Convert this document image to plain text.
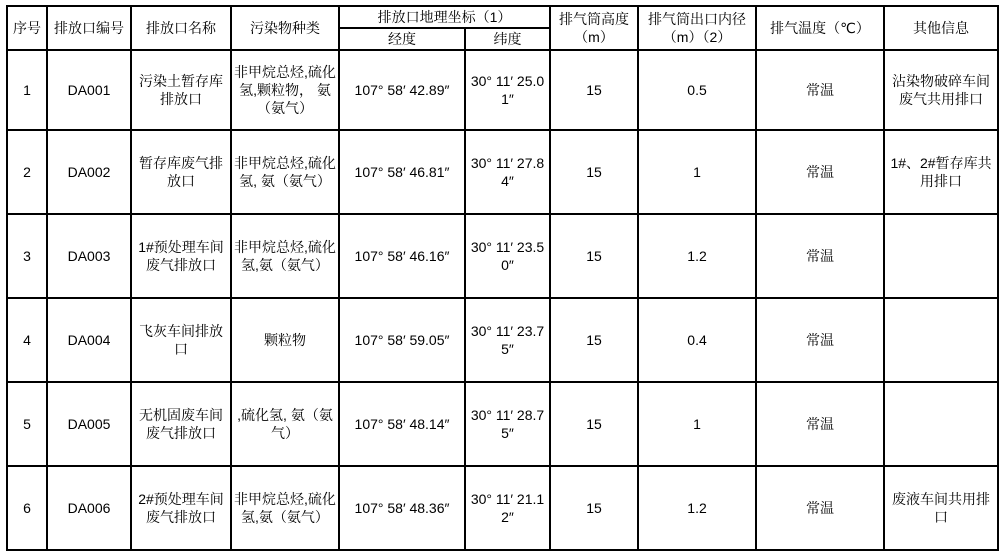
序号	排放口编号	排放口名称	污染物种类	排放口地理坐标（1）		排气筒高度（m）	排气筒出口内径（m）（2）	排气温度（℃）	其他信息
				经度	纬度				
1	DA001	污染土暂存库排放口	非甲烷总烃,硫化氢,颗粒物， 氨（氨气）	107° 58′ 42.89″	30° 11′ 25.01″	15	0.5	常温	沾染物破碎车间废气共用排口
2	DA002	暂存库废气排放口	非甲烷总烃,硫化氢, 氨（氨气）	107° 58′ 46.81″	30° 11′ 27.84″	15	1	常温	1#、2#暂存库共用排口
3	DA003	1#预处理车间废气排放口	非甲烷总烃,硫化氢,氨（氨气）	107° 58′ 46.16″	30° 11′ 23.50″	15	1.2	常温	
4	DA004	飞灰车间排放口	颗粒物	107° 58′ 59.05″	30° 11′ 23.75″	15	0.4	常温	
5	DA005	无机固废车间废气排放口	,硫化氢, 氨（氨气）	107° 58′ 48.14″	30° 11′ 28.75″	15	1	常温	
6	DA006	2#预处理车间废气排放口	非甲烷总烃,硫化氢,氨（氨气）	107° 58′ 48.36″	30° 11′ 21.12″	15	1.2	常温	废液车间共用排口
